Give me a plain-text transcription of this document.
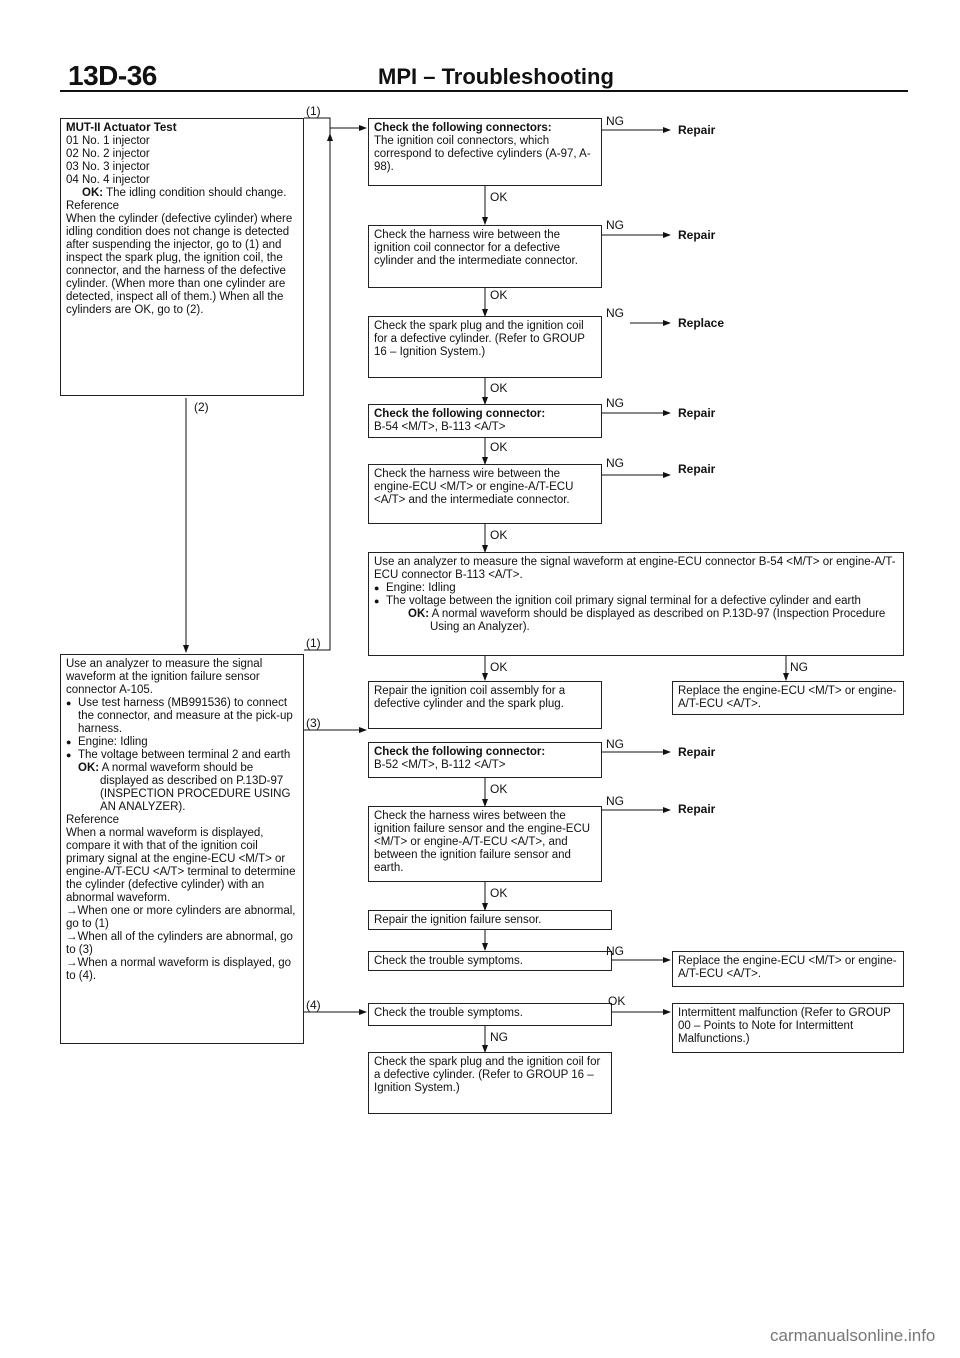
13D-36	MPI – Troubleshooting

MUT-II Actuator Test

01 No. 1 injector

02 No. 2 injector

03 No. 3 injector

04 No. 4 injector

OK: The idling condition should change.

Reference

When the cylinder (defective cylinder) where idling condition does not change is detected after suspending the injector, go to (1) and inspect the spark plug, the ignition coil, the connector, and the harness of the defective cylinder. (When more than one cylinder are detected, inspect all of them.) When all the cylinders are OK, go to (2).

Use an analyzer to measure the signal waveform at the ignition failure sensor connector A-105.

● Use test harness (MB991536) to connect the connector, and measure at the pick-up harness.

● Engine: Idling

● The voltage between terminal 2 and earth

OK: A normal waveform should be displayed as described on P.13D-97 (INSPECTION PROCEDURE USING AN ANALYZER).

Reference

When a normal waveform is displayed, compare it with that of the ignition coil primary signal at the engine-ECU <M/T> or engine-A/T-ECU <A/T> terminal to determine the cylinder (defective cylinder) with an abnormal waveform.

→When one or more cylinders are abnormal, go to (1)

→When all of the cylinders are abnormal, go to (3)

→When a normal waveform is displayed, go to (4).

(1)
(2)
(1)
(3)
(4)

Check the following connectors:

The ignition coil connectors, which correspond to defective cylinders (A-97, A-98).

Check the harness wire between the ignition coil connector for a defective cylinder and the intermediate connector.

Check the spark plug and the ignition coil for a defective cylinder. (Refer to GROUP 16 – Ignition System.)

Check the following connector:

B-54 <M/T>, B-113 <A/T>

Check the harness wire between the engine-ECU <M/T> or engine-A/T-ECU <A/T> and the intermediate connector.

Use an analyzer to measure the signal waveform at engine-ECU connector B-54 <M/T> or engine-A/T-ECU connector B-113 <A/T>.

● Engine: Idling

● The voltage between the ignition coil primary signal terminal for a defective cylinder and earth

OK: A normal waveform should be displayed as described on P.13D-97 (Inspection Procedure Using an Analyzer).

Repair the ignition coil assembly for a defective cylinder and the spark plug.

Replace the engine-ECU <M/T> or engine-A/T-ECU <A/T>.

Check the following connector:

B-52 <M/T>, B-112 <A/T>

Check the harness wires between the ignition failure sensor and the engine-ECU <M/T> or engine-A/T-ECU <A/T>, and between the ignition failure sensor and earth.

Repair the ignition failure sensor.

Check the trouble symptoms.	Replace the engine-ECU <M/T> or engine-A/T-ECU <A/T>.

Check the trouble symptoms.	Intermittent malfunction (Refer to GROUP 00 – Points to Note for Intermittent Malfunctions.)

Check the spark plug and the ignition coil for a defective cylinder. (Refer to GROUP 16 – Ignition System.)

OK
OK
OK
OK
OK
OK
OK
OK
OK
NG
NG
NG
NG
NG
NG
NG
NG
NG
NG
Repair
Repair
Replace
Repair
Repair
Repair
Repair
carmanualsonline.info
